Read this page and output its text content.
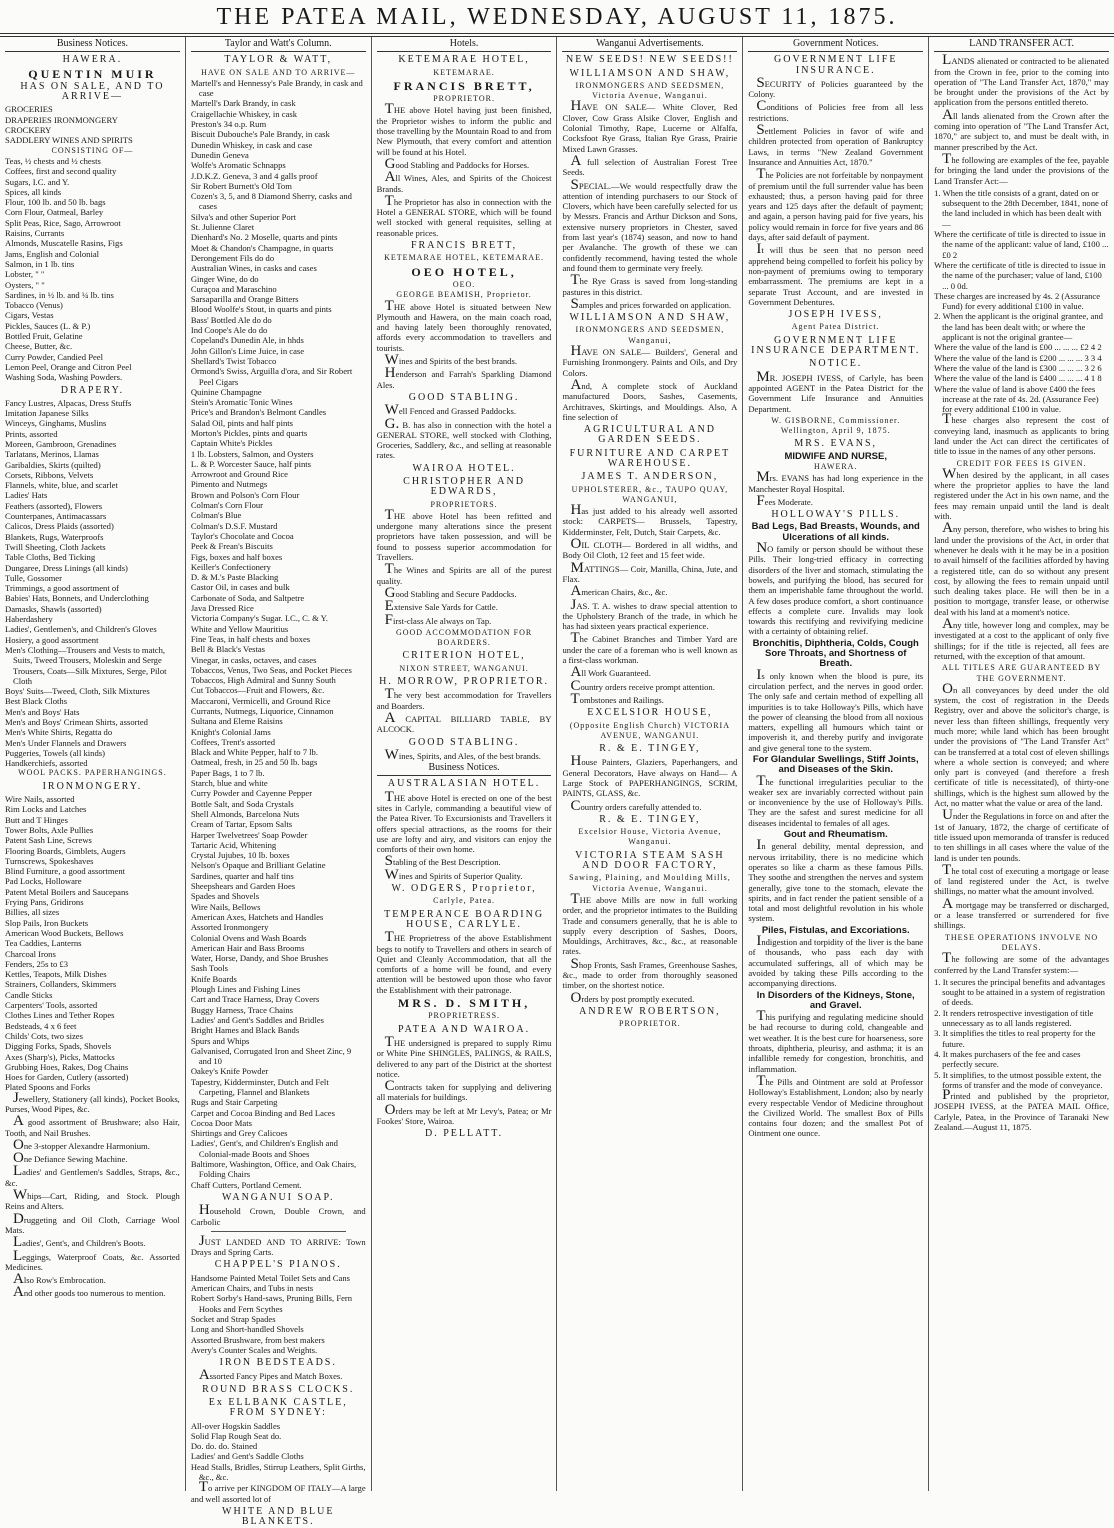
THE PATEA MAIL, WEDNESDAY, AUGUST 11, 1875.
Business Notices.
HAWERA.
QUENTIN MUIR
HAS ON SALE, AND TO ARRIVE—
GROCERIES
DRAPERIES IRONMONGERY
CROCKERY
SADDLERY WINES AND SPIRITS
CONSISTING OF—
Teas, ½ chests and ½ chests
Coffees, first and second quality
Sugars, I.C. and Y.
Spices, all kinds
Flour, 100 lb. and 50 lb. bags
Corn Flour, Oatmeal, Barley
Split Peas, Rice, Sago, Arrowroot
Raisins, Currants
Almonds, Muscatelle Rasins, Figs
Jams, English and Colonial
Salmon, in 1 lb. tins
Lobster, " "
Oysters, " "
Sardines, in ½ lb. and ¼ lb. tins
Tobacco (Venus)
Cigars, Vestas
Pickles, Sauces (L. & P.)
Bottled Fruit, Gelatine
Cheese, Butter, &c.
Curry Powder, Candied Peel
Lemon Peel, Orange and Citron Peel
Washing Soda, Washing Powders.
DRAPERY.
Fancy Lustres, Alpacas, Dress Stuffs
Imitation Japanese Silks
Winceys, Ginghams, Muslins
Prints, assorted
Moreen, Gambroon, Grenadines
Tarlatans, Merinos, Llamas
Garibaldies, Skirts (quilted)
Corsets, Ribbons, Velvets
Flannels, white, blue, and scarlet
Ladies' Hats
Feathers (assorted), Flowers
Counterpanes, Antimacassars
Calicos, Dress Plaids (assorted)
Blankets, Rugs, Waterproofs
Twill Sheeting, Cloth Jackets
Table Cloths, Bed Ticking
Dungaree, Dress Linings (all kinds)
Tulle, Gossomer
Trimmings, a good assortment of
Babies' Hats, Bonnets, and Underclothing
Damasks, Shawls (assorted)
Haberdashery
Ladies', Gentlemen's, and Children's Gloves
Hosiery, a good assortment
Men's Clothing—Trousers and Vests to match, Suits, Tweed Trousers, Moleskin and Serge Trousers, Coats—Silk Mixtures, Serge, Pilot Cloth
Boys' Suits—Tweed, Cloth, Silk Mixtures
Best Black Cloths
Men's and Boys' Hats
Men's and Boys' Crimean Shirts, assorted
Men's White Shirts, Regatta do
Men's Under Flannels and Drawers
Puggeries, Towels (all kinds)
Handkerchiefs, assorted
WOOL PACKS. PAPERHANGINGS.
IRONMONGERY.
Wire Nails, assorted
Rim Locks and Latches
Butt and T Hinges
Tower Bolts, Axle Pullies
Patent Sash Line, Screws
Flooring Boards, Gimblets, Augers
Turnscrews, Spokeshaves
Blind Furniture, a good assortment
Pad Locks, Holloware
Patent Metal Boilers and Saucepans
Frying Pans, Gridirons
Billies, all sizes
Slop Pails, Iron Buckets
American Wood Buckets, Bellows
Tea Caddies, Lanterns
Charcoal Irons
Fenders, 25s to £3
Kettles, Teapots, Milk Dishes
Strainers, Collanders, Skimmers
Candle Sticks
Carpenters' Tools, assorted
Clothes Lines and Tether Ropes
Bedsteads, 4 x 6 feet
Childs' Cots, two sizes
Digging Forks, Spads, Shovels
Axes (Sharp's), Picks, Mattocks
Grubbing Hoes, Rakes, Dog Chains
Hoes for Garden, Cutlery (assorted)
Plated Spoons and Forks
Jewellery, Stationery (all kinds), Pocket Books, Purses, Wood Pipes, &c.
A good assortment of Brushware; also Hair, Tooth, and Nail Brushes.
One 3-stopper Alexandre Harmonium.
One Defiance Sewing Machine.
Ladies' and Gentlemen's Saddles, Straps, &c., &c.
Whips—Cart, Riding, and Stock. Plough Reins and Alters.
Druggeting and Oil Cloth, Carriage Wool Mats.
Ladies', Gent's, and Children's Boots.
Leggings, Waterproof Coats, &c. Assorted Medicines.
Also Row's Embrocation.
And other goods too numerous to mention.
Taylor and Watt's Column.
TAYLOR & WATT,
HAVE ON SALE AND TO ARRIVE—
Martell's and Hennessy's Pale Brandy, in cask and case
Martell's Dark Brandy, in cask
Craigellachie Whiskey, in cask
Preston's 34 o.p. Rum
Biscuit Dubouche's Pale Brandy, in cask
Dunedin Whiskey, in cask and case
Dunedin Geneva
Wolfe's Aromatic Schnapps
J.D.K.Z. Geneva, 3 and 4 galls proof
Sir Robert Burnett's Old Tom
Cozen's 3, 5, and 8 Diamond Sherry, casks and cases
Silva's and other Superior Port
St. Julienne Claret
Dienhard's No. 2 Moselle, quarts and pints
Moet & Chandon's Champagne, in quarts
Derongement Fils do do
Australian Wines, in casks and cases
Ginger Wine, do do
Curaçoa and Maraschino
Sarsaparilla and Orange Bitters
Blood Woolfe's Stout, in quarts and pints
Bass' Bottled Ale do do
Ind Coope's Ale do do
Copeland's Dunedin Ale, in hhds
John Gillon's Lime Juice, in case
Shellard's Twist Tobacco
Ormond's Swiss, Arguilla d'ora, and Sir Robert Peel Cigars
Quinine Champagne
Stein's Aromatic Tonic Wines
Price's and Brandon's Belmont Candles
Salad Oil, pints and half pints
Morton's Pickles, pints and quarts
Captain White's Pickles
1 lb. Lobsters, Salmon, and Oysters
L. & P. Worcester Sauce, half pints
Arrowroot and Ground Rice
Pimento and Nutmegs
Brown and Polson's Corn Flour
Colman's Corn Flour
Colman's Blue
Colman's D.S.F. Mustard
Taylor's Chocolate and Cocoa
Peek & Frean's Biscuits
Figs, boxes and half boxes
Keiller's Confectionery
D. & M.'s Paste Blacking
Castor Oil, in cases and bulk
Carbonate of Soda, and Saltpetre
Java Dressed Rice
Victoria Company's Sugar. I.C., C. & Y.
White and Yellow Mauritius
Fine Teas, in half chests and boxes
Bell & Black's Vestas
Vinegar, in casks, octaves, and cases
Tobaccos, Venus, Two Seas, and Pocket Pieces
Tobaccos, High Admiral and Sunny South
Cut Tobaccos—Fruit and Flowers, &c.
Maccaroni, Vermicelli, and Ground Rice
Currants, Nutmegs, Liquorice, Cinnamon
Sultana and Eleme Raisins
Knight's Colonial Jams
Coffees, Trent's assorted
Black and White Pepper, half to 7 lb.
Oatmeal, fresh, in 25 and 50 lb. bags
Paper Bags, 1 to 7 lb.
Starch, blue and white
Curry Powder and Cayenne Pepper
Bottle Salt, and Soda Crystals
Shell Almonds, Barcelona Nuts
Cream of Tartar, Epsom Salts
Harper Twelvetrees' Soap Powder
Tartaric Acid, Whitening
Crystal Jujubes, 10 lb. boxes
Nelson's Opaque and Brilliant Gelatine
Sardines, quarter and half tins
Sheepshears and Garden Hoes
Spades and Shovels
Wire Nails, Bellows
American Axes, Hatchets and Handles
Assorted Ironmongery
Colonial Ovens and Wash Boards
American Hair and Bass Brooms
Water, Horse, Dandy, and Shoe Brushes
Sash Tools
Knife Boards
Plough Lines and Fishing Lines
Cart and Trace Harness, Dray Covers
Buggy Harness, Trace Chains
Ladies' and Gent's Saddles and Bridles
Bright Hames and Black Bands
Spurs and Whips
Galvanised, Corrugated Iron and Sheet Zinc, 9 and 10
Oakey's Knife Powder
Tapestry, Kidderminster, Dutch and Felt Carpeting, Flannel and Blankets
Rugs and Stair Carpeting
Carpet and Cocoa Binding and Bed Laces
Cocoa Door Mats
Shirtings and Grey Calicoes
Ladies', Gent's, and Children's English and Colonial-made Boots and Shoes
Baltimore, Washington, Office, and Oak Chairs, Folding Chairs
Chaff Cutters, Portland Cement.
WANGANUI SOAP.
Household Crown, Double Crown, and Carbolic
JUST LANDED AND TO ARRIVE: Town Drays and Spring Carts.
CHAPPEL'S PIANOS.
Handsome Painted Metal Toilet Sets and Cans
American Chairs, and Tubs in nests
Robert Sorby's Hand-saws, Pruning Bills, Fern Hooks and Fern Scythes
Socket and Strap Spades
Long and Short-handled Shovels
Assorted Brushware, from best makers
Avery's Counter Scales and Weights.
IRON BEDSTEADS.
Assorted Fancy Pipes and Match Boxes.
ROUND BRASS CLOCKS.
Ex ELLBANK CASTLE, FROM SYDNEY:
All-over Hogskin Saddles
Solid Flap Rough Seat do.
Do. do. do. Stained
Ladies' and Gent's Saddle Cloths
Head Stalls, Bridles, Stirrup Leathers, Split Girths, &c., &c.
To arrive per KINGDOM OF ITALY—A large and well assorted lot of
WHITE AND BLUE BLANKETS.
Hotels.
KETEMARAE HOTEL,
KETEMARAE.
FRANCIS BRETT,
PROPRIETOR.
THE above Hotel having just been finished, the Proprietor wishes to inform the public and those travelling by the Mountain Road to and from New Plymouth, that every comfort and attention will be found at his Hotel.
Good Stabling and Paddocks for Horses.
All Wines, Ales, and Spirits of the Choicest Brands.
The Proprietor has also in connection with the Hotel a GENERAL STORE, which will be found well stocked with general requisites, selling at reasonable prices.
FRANCIS BRETT,
KETEMARAE HOTEL, KETEMARAE.
OEO HOTEL,
OEO.
GEORGE BEAMISH, Proprietor.
THE above Hotel is situated between New Plymouth and Hawera, on the main coach road, and having lately been thoroughly renovated, affords every accommodation to travellers and tourists.
Wines and Spirits of the best brands.
Henderson and Farrah's Sparkling Diamond Ales.
GOOD STABLING.
Well Fenced and Grassed Paddocks.
G. B. has also in connection with the hotel a GENERAL STORE, well stocked with Clothing, Groceries, Saddlery, &c., and selling at reasonable rates.
WAIROA HOTEL.
CHRISTOPHER AND EDWARDS,
PROPRIETORS.
THE above Hotel has been refitted and undergone many alterations since the present proprietors have taken possession, and will be found to possess superior accommodation for Travellers.
The Wines and Spirits are all of the purest quality.
Good Stabling and Secure Paddocks.
Extensive Sale Yards for Cattle.
First-class Ale always on Tap.
GOOD ACCOMMODATION FOR BOARDERS.
CRITERION HOTEL,
NIXON STREET, WANGANUI.
H. MORROW, PROPRIETOR.
The very best accommodation for Travellers and Boarders.
A CAPITAL BILLIARD TABLE, BY ALCOCK.
GOOD STABLING.
Wines, Spirits, and Ales, of the best brands.
Business Notices.
AUSTRALASIAN HOTEL.
THE above Hotel is erected on one of the best sites in Carlyle, commanding a beautiful view of the Patea River. To Excursionists and Travellers it offers special attractions, as the rooms for their use are lofty and airy, and visitors can enjoy the comforts of their own home.
Stabling of the Best Description.
Wines and Spirits of Superior Quality.
W. ODGERS, Proprietor,
Carlyle, Patea.
TEMPERANCE BOARDING HOUSE, CARLYLE.
THE Proprietress of the above Establishment begs to notify to Travellers and others in search of Quiet and Cleanly Accommodation, that all the comforts of a home will be found, and every attention will be bestowed upon those who favor the Establishment with their patronage.
MRS. D. SMITH,
PROPRIETRESS.
PATEA AND WAIROA.
THE undersigned is prepared to supply Rimu or White Pine SHINGLES, PALINGS, & RAILS, delivered to any part of the District at the shortest notice.
Contracts taken for supplying and delivering all materials for buildings.
Orders may be left at Mr Levy's, Patea; or Mr Fookes' Store, Wairoa.
D. PELLATT.
Wanganui Advertisements.
NEW SEEDS! NEW SEEDS!!
WILLIAMSON AND SHAW,
IRONMONGERS AND SEEDSMEN, Victoria Avenue, Wanganui.
HAVE ON SALE— White Clover, Red Clover, Cow Grass Alsike Clover, English and Colonial Timothy, Rape, Lucerne or Alfalfa, Cocksfoot Rye Grass, Italian Rye Grass, Prairie Mixed Lawn Grasses.
A full selection of Australian Forest Tree Seeds.
SPECIAL.—We would respectfully draw the attention of intending purchasers to our Stock of Clovers, which have been carefully selected for us by Messrs. Francis and Arthur Dickson and Sons, extensive nursery proprietors in Chester, saved from last year's (1874) season, and now to hand per Avalanche. The growth of these we can confidently recommend, having tested the whole and found them to germinate very freely.
The Rye Grass is saved from long-standing pastures in this district.
Samples and prices forwarded on application.
WILLIAMSON AND SHAW,
IRONMONGERS AND SEEDSMEN, Wanganui,
HAVE ON SALE— Builders', General and Furnishing Ironmongery. Paints and Oils, and Dry Colors.
And, A complete stock of Auckland manufactured Doors, Sashes, Casements, Architraves, Skirtings, and Mouldings. Also, A fine selection of
AGRICULTURAL AND GARDEN SEEDS.
FURNITURE AND CARPET WAREHOUSE.
JAMES T. ANDERSON,
UPHOLSTERER, &c., TAUPO QUAY, WANGANUI,
Has just added to his already well assorted stock: CARPETS— Brussels, Tapestry, Kidderminster, Felt, Dutch, Stair Carpets, &c.
OIL CLOTH— Bordered in all widths, and Body Oil Cloth, 12 feet and 15 feet wide.
MATTINGS— Coir, Manilla, China, Jute, and Flax.
American Chairs, &c., &c.
JAS. T. A. wishes to draw special attention to the Upholstery Branch of the trade, in which he has had sixteen years practical experience.
The Cabinet Branches and Timber Yard are under the care of a foreman who is well known as a first-class workman.
All Work Guaranteed.
Country orders receive prompt attention.
Tombstones and Railings.
EXCELSIOR HOUSE,
(Opposite English Church) VICTORIA AVENUE, WANGANUI.
R. & E. TINGEY,
House Painters, Glaziers, Paperhangers, and General Decorators, Have always on Hand— A Large Stock of PAPERHANGINGS, SCRIM, PAINTS, GLASS, &c.
Country orders carefully attended to.
R. & E. TINGEY,
Excelsior House, Victoria Avenue, Wanganui.
VICTORIA STEAM SASH AND DOOR FACTORY,
Sawing, Plaining, and Moulding Mills, Victoria Avenue, Wanganui.
THE above Mills are now in full working order, and the proprietor intimates to the Building Trade and consumers generally, that he is able to supply every description of Sashes, Doors, Mouldings, Architraves, &c., &c., at reasonable rates.
Shop Fronts, Sash Frames, Greenhouse Sashes, &c., made to order from thoroughly seasoned timber, on the shortest notice.
Orders by post promptly executed.
ANDREW ROBERTSON,
PROPRIETOR.
Government Notices.
GOVERNMENT LIFE INSURANCE.
SECURITY of Policies guaranteed by the Colony.
Conditions of Policies free from all less restrictions.
Settlement Policies in favor of wife and children protected from operation of Bankruptcy Laws, in terms "New Zealand Government Insurance and Annuities Act, 1870."
The Policies are not forfeitable by nonpayment of premium until the full surrender value has been exhausted; thus, a person having paid for three years and 125 days after the default of payment; and again, a person having paid for five years, his policy would remain in force for five years and 86 days, after said default of payment.
It will thus be seen that no person need apprehend being compelled to forfeit his policy by non-payment of premiums owing to temporary embarrassment. The premiums are kept in a separate Trust Account, and are invested in Government Debentures.
JOSEPH IVESS,
Agent Patea District.
GOVERNMENT LIFE INSURANCE DEPARTMENT.
NOTICE.
MR. JOSEPH IVESS, of Carlyle, has been appointed AGENT in the Patea District for the Government Life Insurance and Annuities Department.
W. GISBORNE, Commissioner. Wellington, April 9, 1875.
MRS. EVANS,
MIDWIFE AND NURSE,
HAWERA.
Mrs. EVANS has had long experience in the Manchester Royal Hospital.
Fees Moderate.
HOLLOWAY'S PILLS.
Bad Legs, Bad Breasts, Wounds, and Ulcerations of all kinds.
NO family or person should be without these Pills. Their long-tried efficacy in correcting disorders of the liver and stomach, stimulating the bowels, and purifying the blood, has secured for them an imperishable fame throughout the world. A few doses produce comfort, a short continuance effects a complete cure. Invalids may look towards this rectifying and revivifying medicine with a certainty of obtaining relief.
Bronchitis, Diphtheria, Colds, Cough Sore Throats, and Shortness of Breath.
Is only known when the blood is pure, its circulation perfect, and the nerves in good order. The only safe and certain method of expelling all impurities is to take Holloway's Pills, which have the power of cleansing the blood from all noxious matters, expelling all humours which taint or impoverish it, and thereby purify and invigorate and give general tone to the system.
For Glandular Swellings, Stiff Joints, and Diseases of the Skin.
The functional irregularities peculiar to the weaker sex are invariably corrected without pain or inconvenience by the use of Holloway's Pills. They are the safest and surest medicine for all diseases incidental to females of all ages.
Gout and Rheumatism.
In general debility, mental depression, and nervous irritability, there is no medicine which operates so like a charm as these famous Pills. They soothe and strengthen the nerves and system generally, give tone to the stomach, elevate the spirits, and in fact render the patient sensible of a total and most delightful revolution in his whole system.
Piles, Fistulas, and Excoriations.
Indigestion and torpidity of the liver is the bane of thousands, who pass each day with accumulated sufferings, all of which may be avoided by taking these Pills according to the accompanying directions.
In Disorders of the Kidneys, Stone, and Gravel.
This purifying and regulating medicine should be had recourse to during cold, changeable and wet weather. It is the best cure for hoarseness, sore throats, diphtheria, pleurisy, and asthma; it is an infallible remedy for congestion, bronchitis, and inflammation.
The Pills and Ointment are sold at Professor Holloway's Establishment, London; also by nearly every respectable Vendor of Medicine throughout the Civilized World. The smallest Box of Pills contains four dozen; and the smallest Pot of Ointment one ounce.
LAND TRANSFER ACT.
LANDS alienated or contracted to be alienated from the Crown in fee, prior to the coming into operation of "The Land Transfer Act, 1870," may be brought under the provisions of the Act by application from the persons entitled thereto.
All lands alienated from the Crown after the coming into operation of "The Land Transfer Act, 1870," are subject to, and must be dealt with, in manner prescribed by the Act.
The following are examples of the fee, payable for bringing the land under the provisions of the Land Transfer Act:—
1. When the title consists of a grant, dated on or subsequent to the 28th December, 1841, none of the land included in which has been dealt with—
Where the certificate of title is directed to issue in the name of the applicant: value of land, £100 ... £0 2
Where the certificate of title is directed to issue in the name of the purchaser; value of land, £100 ... 0 0d.
These charges are increased by 4s. 2 (Assurance Fund) for every additional £100 in value.
2. When the applicant is the original grantee, and the land has been dealt with; or where the applicant is not the original grantee—
Where the value of the land is £00 ... ... ... £2 4 2
Where the value of the land is £200 ... ... ... 3 3 4
Where the value of the land is £300 ... ... ... 3 2 6
Where the value of the land is £400 ... ... ... 4 1 8
Where the value of land is above £400 the fees increase at the rate of 4s. 2d. (Assurance Fee) for every additional £100 in value.
These charges also represent the cost of conveying land, inasmuch as applicants to bring land under the Act can direct the certificates of title to issue in the names of any other persons.
CREDIT FOR FEES IS GIVEN.
When desired by the applicant, in all cases where the proprietor applies to have the land registered under the Act in his own name, and the fees may remain unpaid until the land is dealt with.
Any person, therefore, who wishes to bring his land under the provisions of the Act, in order that whenever he deals with it he may be in a position to avail himself of the facilities afforded by having a registered title, can do so without any present cost, by allowing the fees to remain unpaid until such dealing takes place. He will then be in a position to mortgage, transfer lease, or otherwise deal with his land at a moment's notice.
Any title, however long and complex, may be investigated at a cost to the applicant of only five shillings; for if the title is rejected, all fees are returned, with the exception of that amount.
ALL TITLES ARE GUARANTEED BY THE GOVERNMENT.
On all conveyances by deed under the old system, the cost of registration in the Deeds Registry, over and above the solicitor's charge, is never less than fifteen shillings, frequently very much more; while land which has been brought under the provisions of "The Land Transfer Act" can be transferred at a total cost of eleven shillings where a whole section is conveyed; and where only part is conveyed (and therefore a fresh certificate of title is necessitated), of thirty-one shillings, which is the highest sum allowed by the Act, no matter what the value or area of the land.
Under the Regulations in force on and after the 1st of January, 1872, the charge of certificate of title issued upon memoranda of transfer is reduced to ten shillings in all cases where the value of the land is under ten pounds.
The total cost of executing a mortgage or lease of land registered under the Act, is twelve shillings, no matter what the amount involved.
A mortgage may be transferred or discharged, or a lease transferred or surrendered for five shillings.
THESE OPERATIONS INVOLVE NO DELAYS.
The following are some of the advantages conferred by the Land Transfer system:—
1. It secures the principal benefits and advantages sought to be attained in a system of registration of deeds.
2. It renders retrospective investigation of title unnecessary as to all lands registered.
3. It simplifies the titles to real property for the future.
4. It makes purchasers of the fee and cases perfectly secure.
5. It simplifies, to the utmost possible extent, the forms of transfer and the mode of conveyance.
Printed and published by the proprietor, JOSEPH IVESS, at the PATEA MAIL Office, Carlyle, Patea, in the Province of Taranaki New Zealand.—August 11, 1875.
